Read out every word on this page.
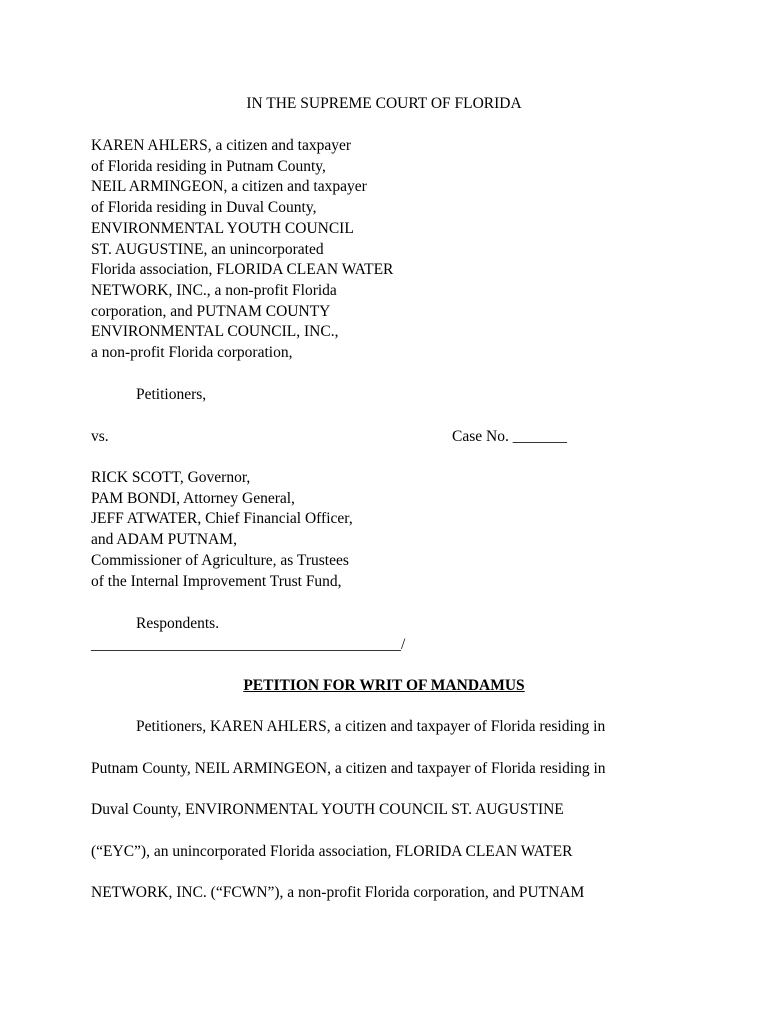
IN THE SUPREME COURT OF FLORIDA
KAREN AHLERS, a citizen and taxpayer
of Florida residing in Putnam County,
NEIL ARMINGEON, a citizen and taxpayer
of Florida residing in Duval County,
ENVIRONMENTAL YOUTH COUNCIL
ST. AUGUSTINE, an unincorporated
Florida association, FLORIDA CLEAN WATER
NETWORK, INC., a non-profit Florida
corporation, and PUTNAM COUNTY
ENVIRONMENTAL COUNCIL, INC.,
a non-profit Florida corporation,
Petitioners,
vs.	Case No. _______
RICK SCOTT, Governor,
PAM BONDI, Attorney General,
JEFF ATWATER, Chief Financial Officer,
and ADAM PUTNAM,
Commissioner of Agriculture, as Trustees
of the Internal Improvement Trust Fund,
Respondents.
________________________________________/
PETITION FOR WRIT OF MANDAMUS
Petitioners, KAREN AHLERS, a citizen and taxpayer of Florida residing in
Putnam County, NEIL ARMINGEON, a citizen and taxpayer of Florida residing in
Duval County, ENVIRONMENTAL YOUTH COUNCIL ST. AUGUSTINE
(“EYC”), an unincorporated Florida association, FLORIDA CLEAN WATER
NETWORK, INC. (“FCWN”), a non-profit Florida corporation, and PUTNAM
